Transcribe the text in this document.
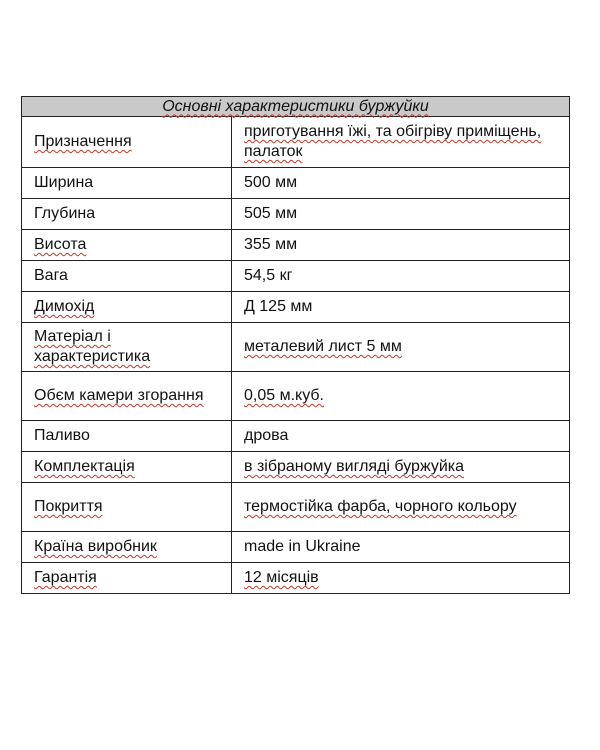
Основні характеристики буржуйки	
Призначення	приготування їжі, та обігріву приміщень, палаток
Ширина	500 мм
Глубина	505 мм
Висота	355 мм
Вага	54,5 кг
Димохід	Д 125 мм
Матеріал і характеристика	металевий лист 5 мм
Обєм камери згорання	0,05 м.куб.
Паливо	дрова
Комплектація	в зібраному вигляді буржуйка
Покриття	термостійка фарба, чорного кольору
Країна виробник	made in Ukraine
Гарантія	12 місяців
